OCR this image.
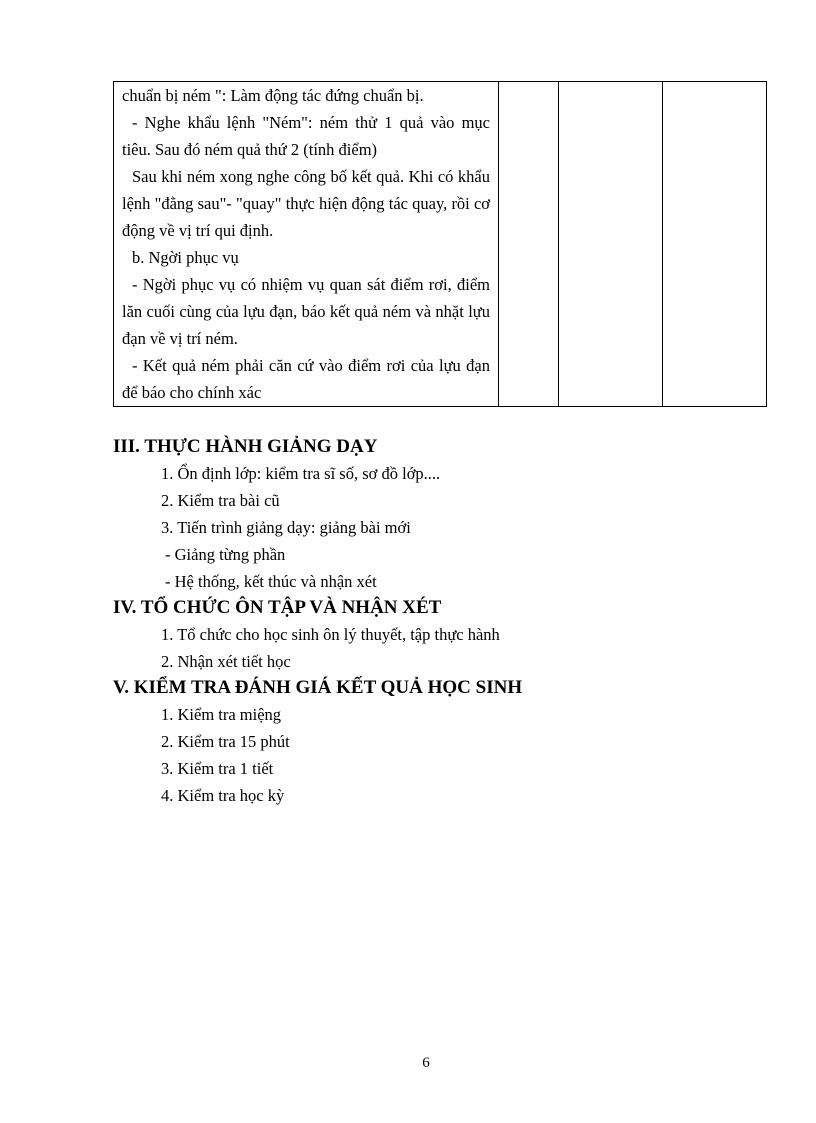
chuẩn bị ném ": Làm động tác đứng chuẩn bị.

- Nghe khẩu lệnh "Ném": ném thử 1 quả vào mục tiêu. Sau đó ném quả thứ 2 (tính điểm)

Sau khi ném xong nghe công bố kết quả. Khi có khẩu lệnh "đằng sau"- "quay" thực hiện động tác quay, rồi cơ động về vị trí qui định.

b. Ngời phục vụ

- Ngời phục vụ có nhiệm vụ quan sát điểm rơi, điểm lăn cuối cùng của lựu đạn, báo kết quả ném và nhặt lựu đạn về vị trí ném.

- Kết quả ném phải căn cứ vào điểm rơi của lựu đạn để báo cho chính xác

III. THỰC HÀNH GIẢNG DẠY
1. Ổn định lớp: kiểm tra sĩ số, sơ đồ lớp....
2. Kiểm tra bài cũ
3. Tiến trình giảng dạy: giảng bài mới
- Giảng từng phần
- Hệ thống, kết thúc và nhận xét
IV. TỔ CHỨC ÔN TẬP VÀ NHẬN XÉT
1. Tổ chức cho học sinh ôn lý thuyết, tập thực hành
2. Nhận xét tiết học
V. KIỂM TRA ĐÁNH GIÁ KẾT QUẢ HỌC SINH
1. Kiểm tra miệng
2. Kiểm tra 15 phút
3. Kiểm tra 1 tiết
4. Kiểm tra học kỳ
6
